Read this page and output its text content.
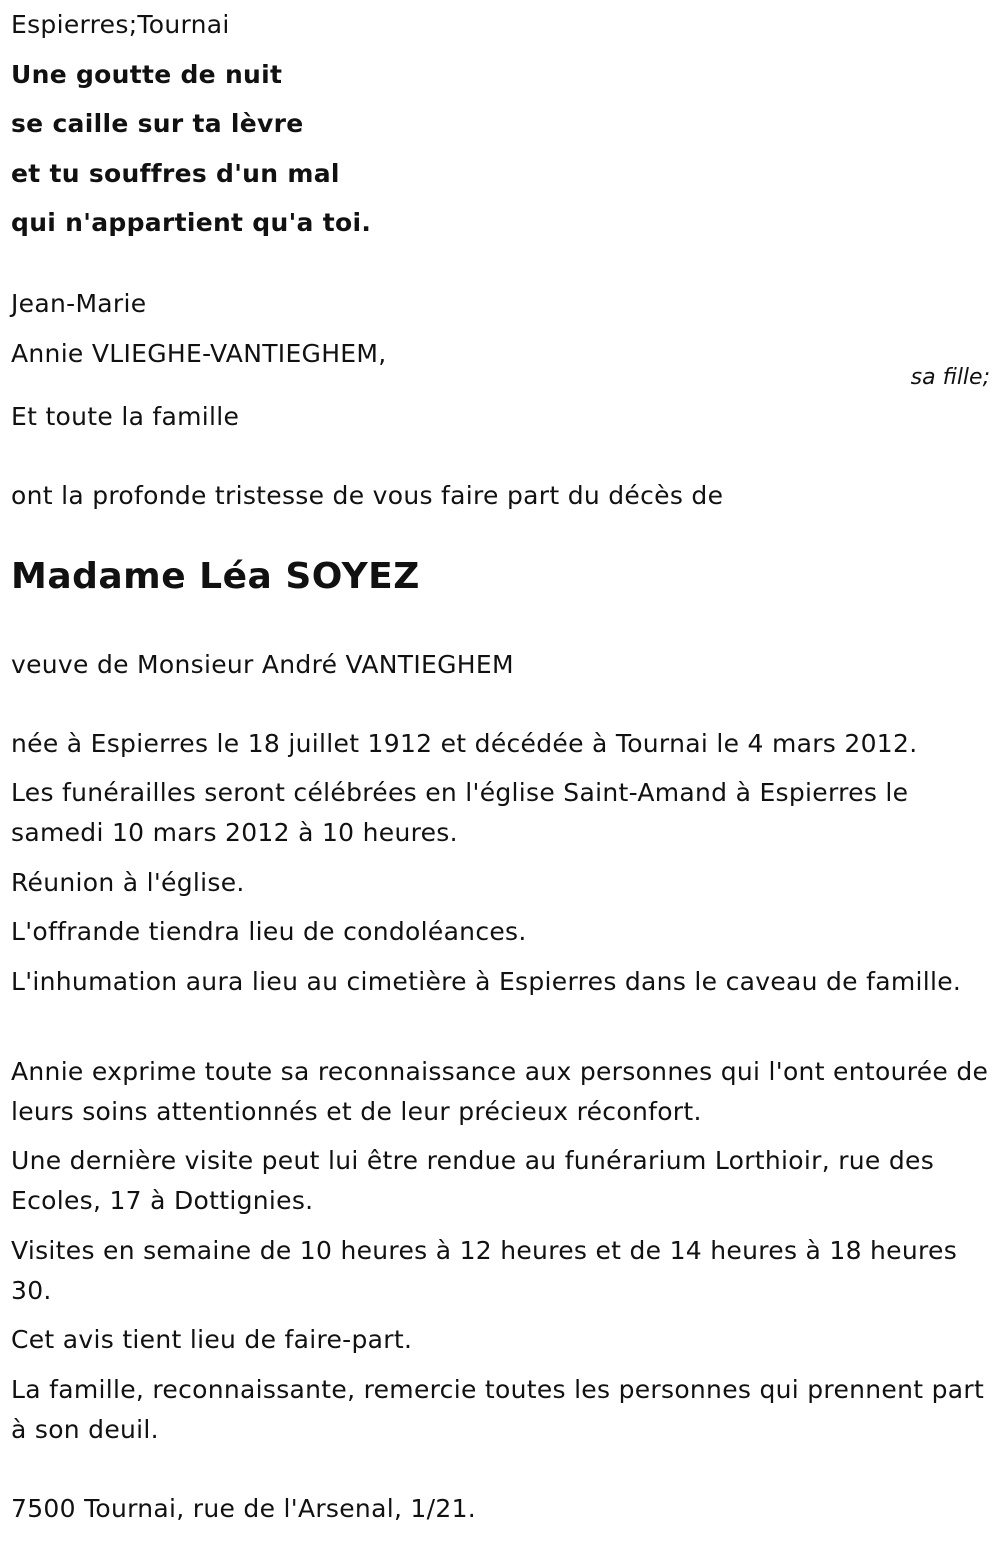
Espierres;Tournai
Une goutte de nuit
se caille sur ta lèvre
et tu souffres d'un mal
qui n'appartient qu'a toi.
Jean-Marie
Annie VLIEGHE-VANTIEGHEM,
sa fille;
Et toute la famille
ont la profonde tristesse de vous faire part du décès de
Madame Léa SOYEZ
veuve de Monsieur André VANTIEGHEM
née à Espierres le 18 juillet 1912 et décédée à Tournai le 4 mars 2012.
Les funérailles seront célébrées en l'église Saint-Amand à Espierres le samedi 10 mars 2012 à 10 heures.
Réunion à l'église.
L'offrande tiendra lieu de condoléances.
L'inhumation aura lieu au cimetière à Espierres dans le caveau de famille.
Annie exprime toute sa reconnaissance aux personnes qui l'ont entourée de leurs soins attentionnés et de leur précieux réconfort.
Une dernière visite peut lui être rendue au funérarium Lorthioir, rue des Ecoles, 17 à Dottignies.
Visites en semaine de 10 heures à 12 heures et de 14 heures à 18 heures 30.
Cet avis tient lieu de faire-part.
La famille, reconnaissante, remercie toutes les personnes qui prennent part à son deuil.
7500 Tournai, rue de l'Arsenal, 1/21.
